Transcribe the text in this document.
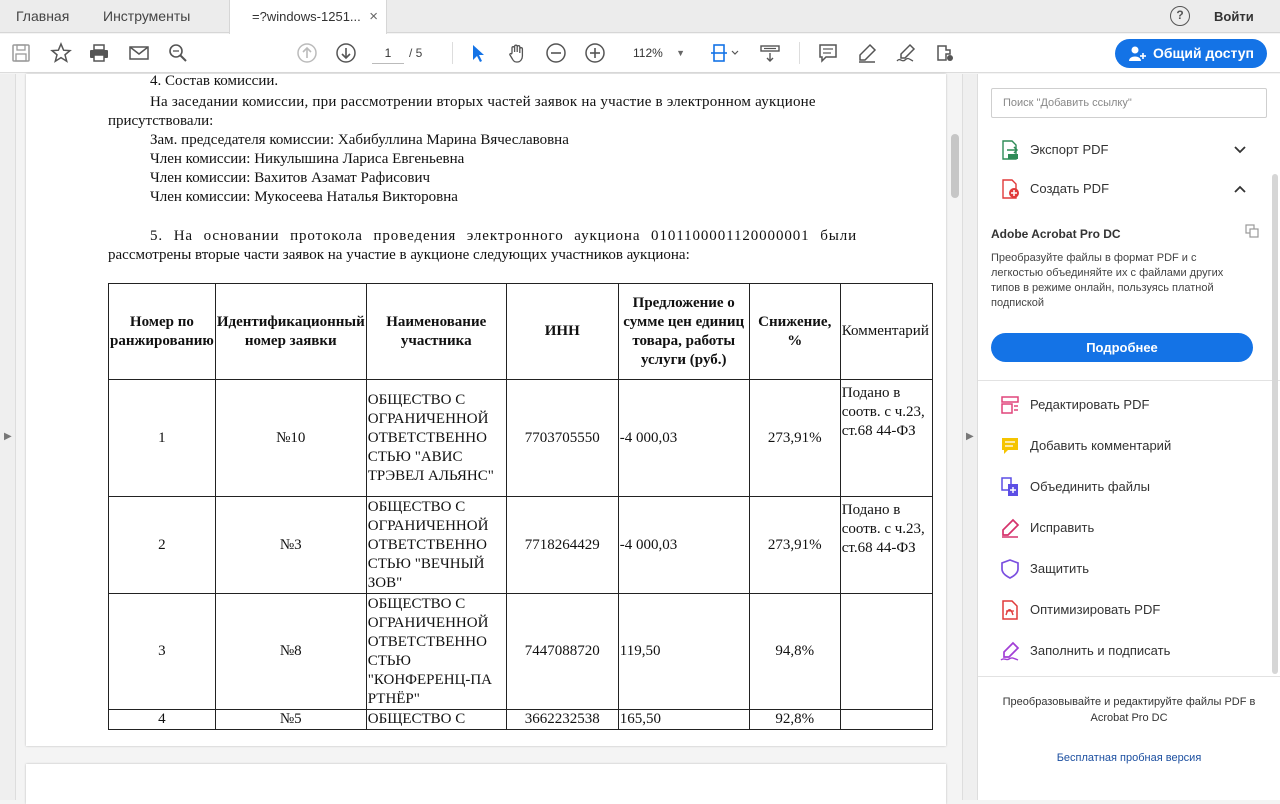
Главная Инструменты	=?windows-1251... ×	?	Войти
1	/ 5	112% ▼	Общий доступ
▶
4. Состав комиссии.
На заседании комиссии, при рассмотрении вторых частей заявок на участие в электронном аукционе
присутствовали:
Зам. председателя комиссии: Хабибуллина Марина Вячеславовна
Член комиссии: Никулышина Лариса Евгеньевна
Член комиссии: Вахитов Азамат Рафисович
Член комиссии: Мукосеева Наталья Викторовна
5. На основании протокола проведения электронного аукциона 0101100001120000001 были
рассмотрены вторые части заявок на участие в аукционе следующих участников аукциона:
Номер по ранжированию	Идентификационный номер заявки	Наименование участника	ИНН	Предложение о сумме цен единиц товара, работы услуги (руб.)	Снижение, %	Комментарий
1	№10	ОБЩЕСТВО С ОГРАНИЧЕННОЙ ОТВЕТСТВЕННО СТЬЮ "АВИС ТРЭВЕЛ АЛЬЯНС"	7703705550	-4 000,03	273,91%	Подано в соотв. с ч.23, ст.68 44-ФЗ
2	№3	ОБЩЕСТВО С ОГРАНИЧЕННОЙ ОТВЕТСТВЕННО СТЬЮ "ВЕЧНЫЙ ЗОВ"	7718264429	-4 000,03	273,91%	Подано в соотв. с ч.23, ст.68 44-ФЗ
3	№8	ОБЩЕСТВО С ОГРАНИЧЕННОЙ ОТВЕТСТВЕННО СТЬЮ "КОНФЕРЕНЦ-ПА РТНЁР"	7447088720	119,50	94,8%	
4	№5	ОБЩЕСТВО С	3662232538	165,50	92,8%	
▶
Поиск "Добавить ссылку"
Экспорт PDF
Создать PDF
Adobe Acrobat Pro DC
Преобразуйте файлы в формат PDF и с легкостью объединяйте их с файлами других типов в режиме онлайн, пользуясь платной подпиской
Подробнее
Редактировать PDF
Добавить комментарий
Объединить файлы
Исправить
Защитить
Оптимизировать PDF
Заполнить и подписать
Преобразовывайте и редактируйте файлы PDF в Acrobat Pro DC
Бесплатная пробная версия
